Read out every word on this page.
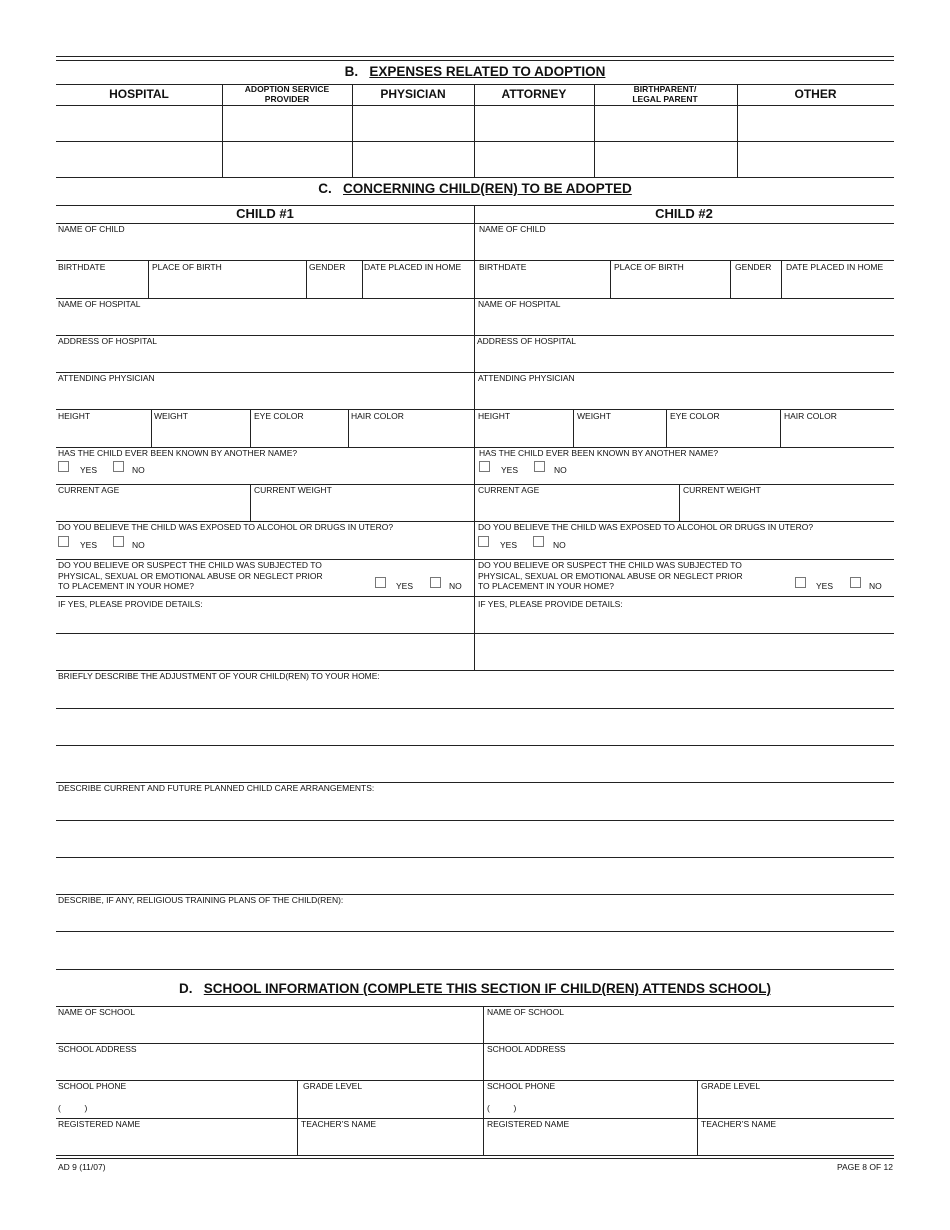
B. EXPENSES RELATED TO ADOPTION
HOSPITAL	ADOPTION SERVICE PROVIDER	PHYSICIAN	ATTORNEY	BIRTHPARENT/ LEGAL PARENT	OTHER
C. CONCERNING CHILD(REN) TO BE ADOPTED
CHILD #1	CHILD #2
NAME OF CHILD
BIRTHDATE	PLACE OF BIRTH	GENDER DATE PLACED IN HOME
NAME OF HOSPITAL
ADDRESS OF HOSPITAL
ATTENDING PHYSICIAN
HEIGHT	WEIGHT	EYE COLOR	HAIR COLOR
HAS THE CHILD EVER BEEN KNOWN BY ANOTHER NAME?
YES	NO
CURRENT AGE	CURRENT WEIGHT
DO YOU BELIEVE THE CHILD WAS EXPOSED TO ALCOHOL OR DRUGS IN UTERO?
YES	NO
DO YOU BELIEVE OR SUSPECT THE CHILD WAS SUBJECTED TO
PHYSICAL, SEXUAL OR EMOTIONAL ABUSE OR NEGLECT PRIOR
TO PLACEMENT IN YOUR HOME?	YES	NO
IF YES, PLEASE PROVIDE DETAILS:
NAME OF CHILD
BIRTHDATE	PLACE OF BIRTH	GENDER DATE PLACED IN HOME
NAME OF HOSPITAL
ADDRESS OF HOSPITAL
ATTENDING PHYSICIAN
HEIGHT	WEIGHT	EYE COLOR	HAIR COLOR
HAS THE CHILD EVER BEEN KNOWN BY ANOTHER NAME?
YES	NO
CURRENT AGE	CURRENT WEIGHT
DO YOU BELIEVE THE CHILD WAS EXPOSED TO ALCOHOL OR DRUGS IN UTERO?
YES	NO
DO YOU BELIEVE OR SUSPECT THE CHILD WAS SUBJECTED TO
PHYSICAL, SEXUAL OR EMOTIONAL ABUSE OR NEGLECT PRIOR
TO PLACEMENT IN YOUR HOME?	YES	NO
IF YES, PLEASE PROVIDE DETAILS:
BRIEFLY DESCRIBE THE ADJUSTMENT OF YOUR CHILD(REN) TO YOUR HOME:
DESCRIBE CURRENT AND FUTURE PLANNED CHILD CARE ARRANGEMENTS:
DESCRIBE, IF ANY, RELIGIOUS TRAINING PLANS OF THE CHILD(REN):
D. SCHOOL INFORMATION (COMPLETE THIS SECTION IF CHILD(REN) ATTENDS SCHOOL)
NAME OF SCHOOL
SCHOOL ADDRESS
SCHOOL PHONE
(          )
GRADE LEVEL
REGISTERED NAME	TEACHER’S NAME
NAME OF SCHOOL
SCHOOL ADDRESS
SCHOOL PHONE
(          )
GRADE LEVEL
REGISTERED NAME	TEACHER’S NAME
AD 9 (11/07)	PAGE 8 OF 12
